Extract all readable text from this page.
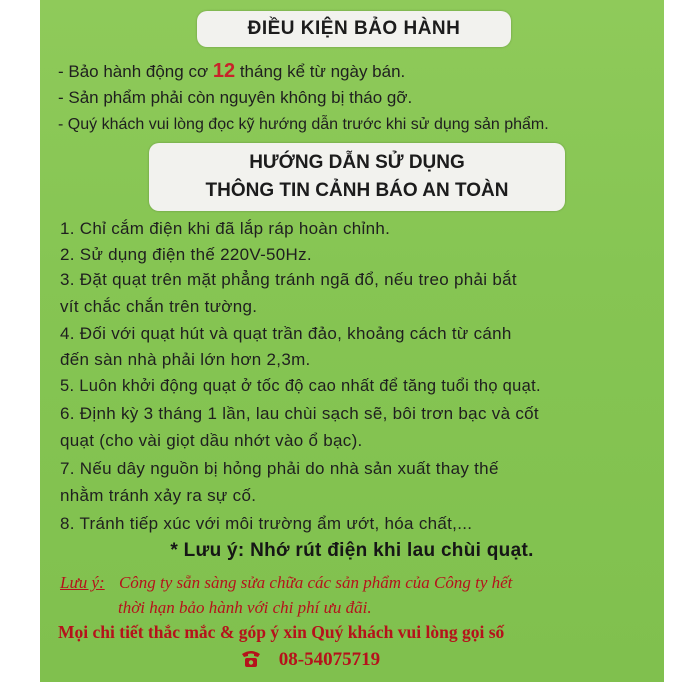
ĐIỀU KIỆN BẢO HÀNH
- Bảo hành động cơ 12 tháng kể từ ngày bán.
- Sản phẩm phải còn nguyên không bị tháo gỡ.
- Quý khách vui lòng đọc kỹ hướng dẫn trước khi sử dụng sản phẩm.
HƯỚNG DẪN SỬ DỤNG
THÔNG TIN CẢNH BÁO AN TOÀN
1. Chỉ cắm điện khi đã lắp ráp hoàn chỉnh.
2. Sử dụng điện thế 220V-50Hz.
3. Đặt quạt trên mặt phẳng tránh ngã đổ, nếu treo phải bắt
vít chắc chắn trên tường.
4. Đối với quạt hút và quạt trần đảo, khoảng cách từ cánh
đến sàn nhà phải lớn hơn 2,3m.
5. Luôn khởi động quạt ở tốc độ cao nhất để tăng tuổi thọ quạt.
6. Định kỳ 3 tháng 1 lần, lau chùi sạch sẽ, bôi trơn bạc và cốt
quạt (cho vài giọt dầu nhớt vào ổ bạc).
7. Nếu dây nguồn bị hỏng phải do nhà sản xuất thay thế
nhằm tránh xảy ra sự cố.
8. Tránh tiếp xúc với môi trường ẩm ướt, hóa chất,...
* Lưu ý: Nhớ rút điện khi lau chùi quạt.
Lưu ý: Công ty sẵn sàng sửa chữa các sản phẩm của Công ty hết
thời hạn bảo hành với chi phí ưu đãi.
Mọi chi tiết thắc mắc & góp ý xin Quý khách vui lòng gọi số
08-54075719
